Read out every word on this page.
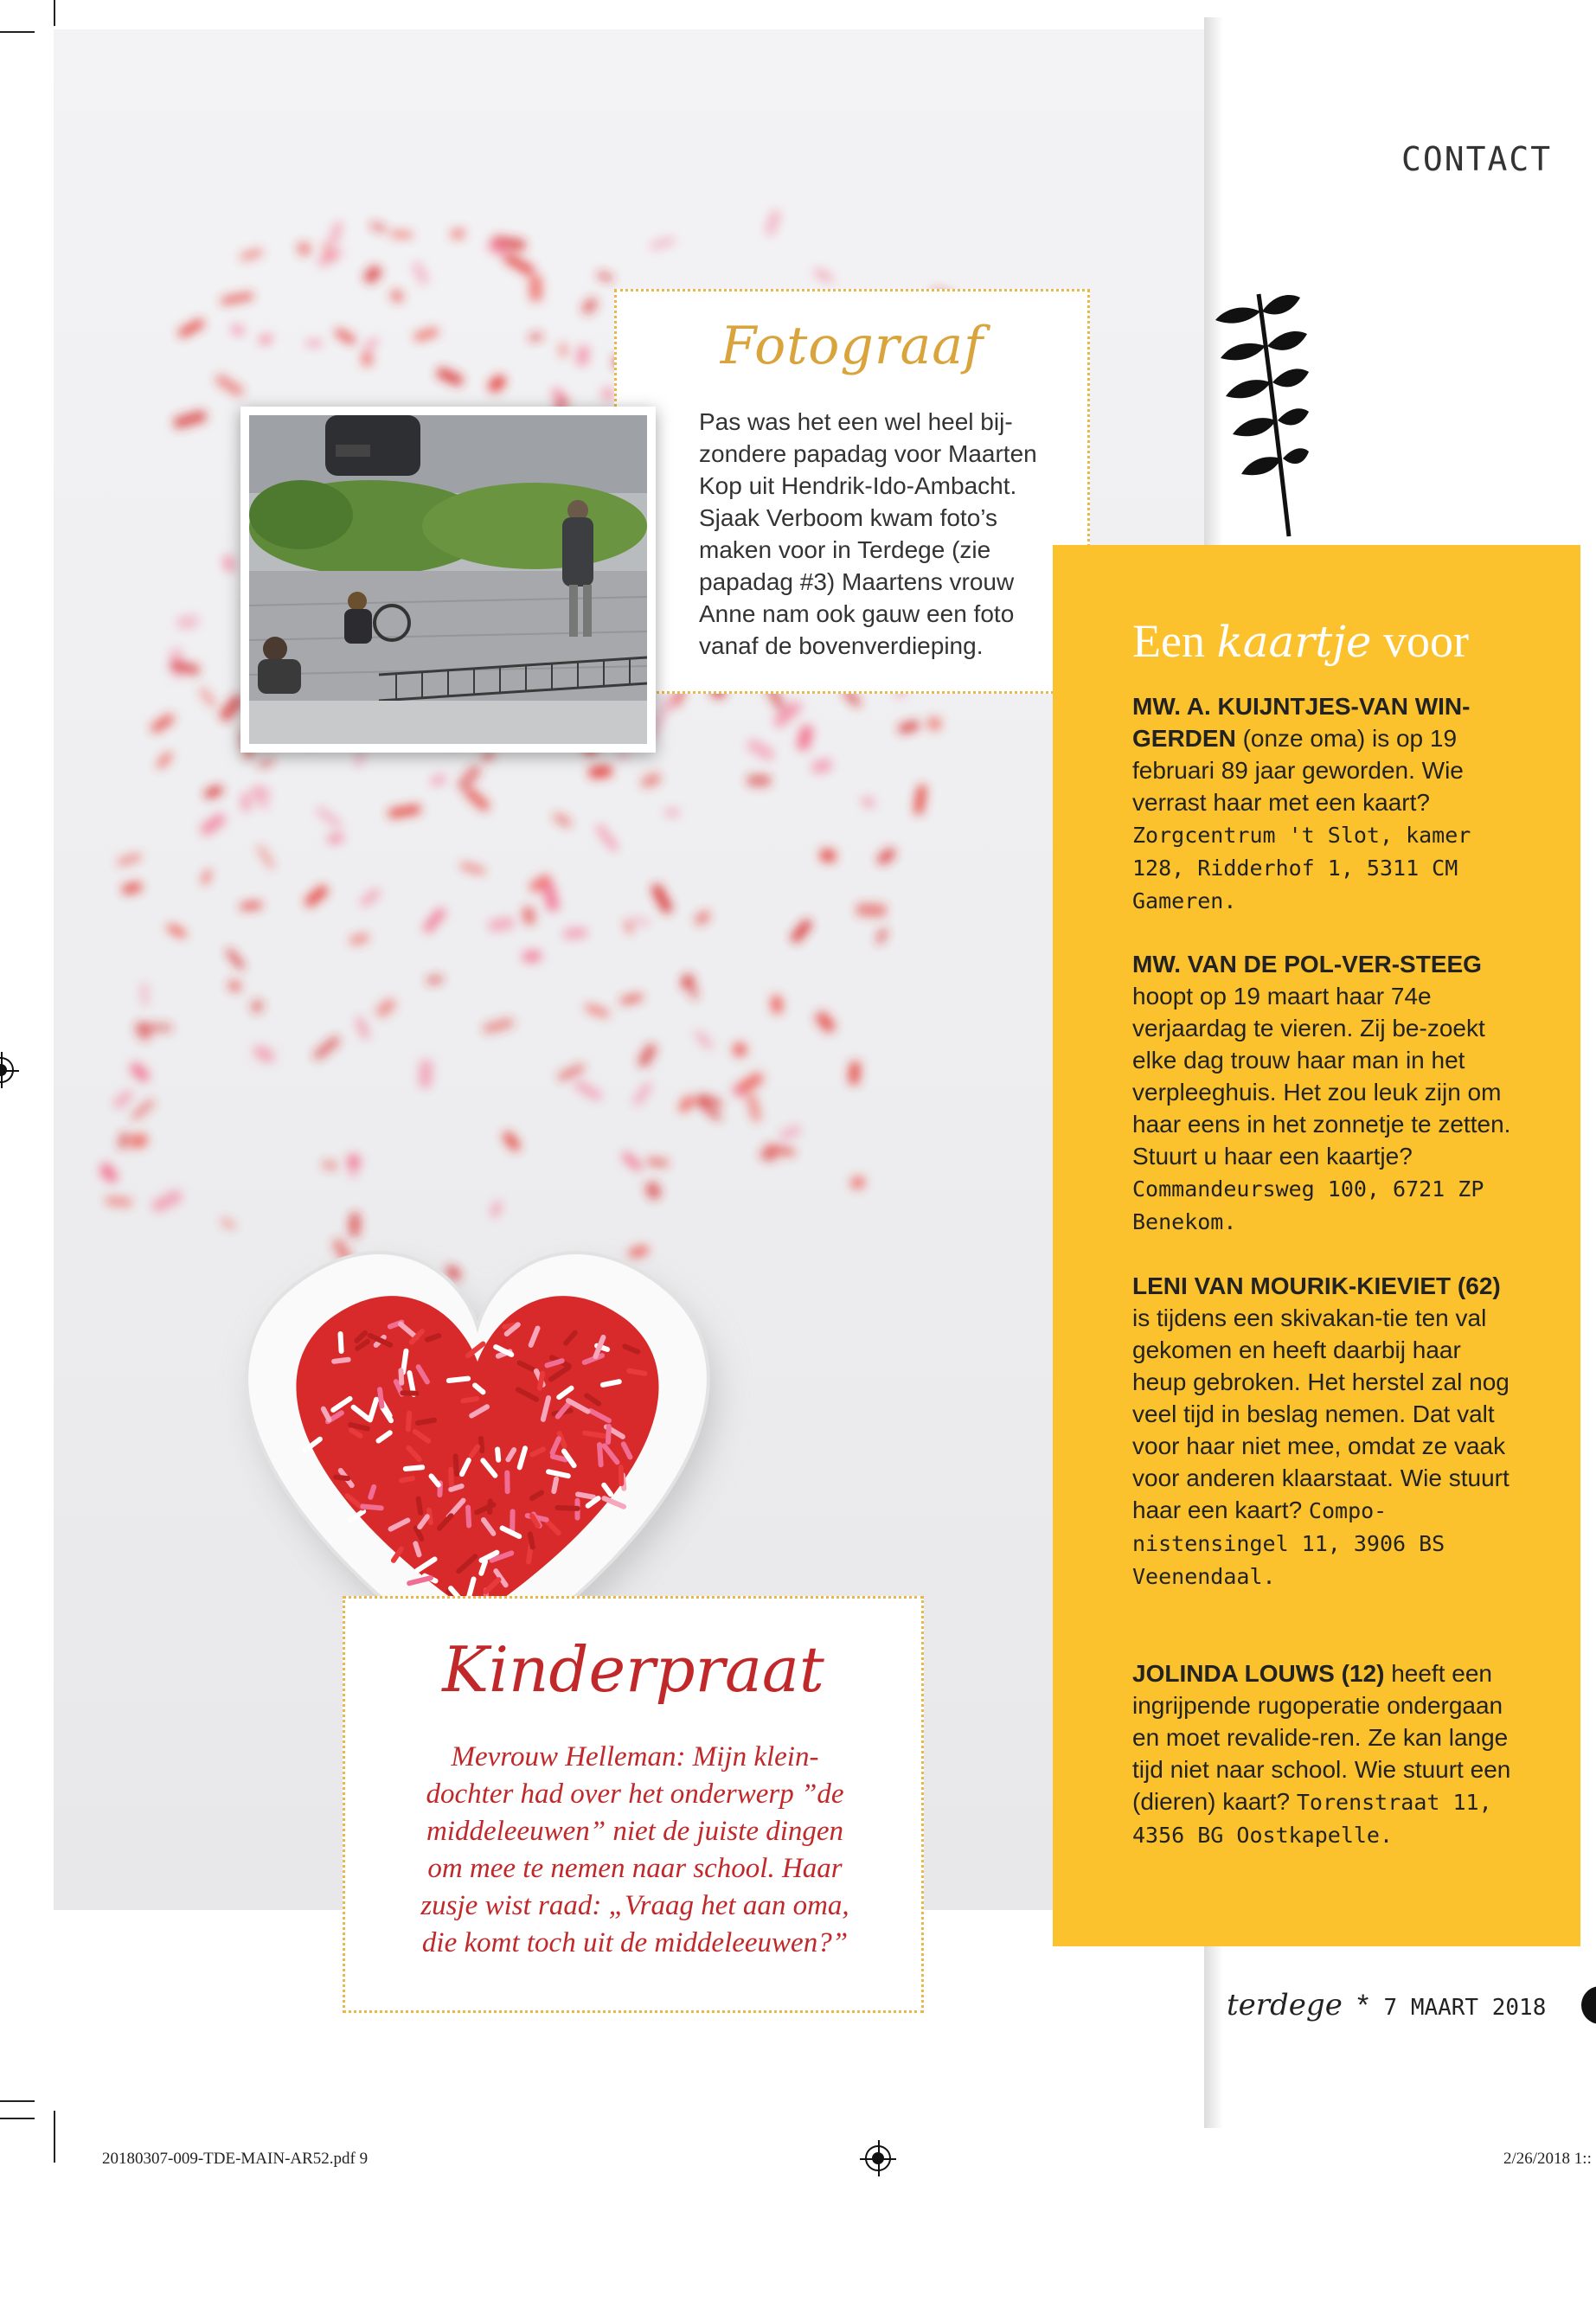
Fotograaf
Pas was het een wel heel bij-
zondere papadag voor Maarten
Kop uit Hendrik-Ido-Ambacht.
Sjaak Verboom kwam foto’s
maken voor in Terdege (zie
papadag #3) Maartens vrouw
Anne nam ook gauw een foto
vanaf de bovenverdieping.
Kinderpraat
Mevrouw Helleman: Mijn klein-
dochter had over het onderwerp ”de
middeleeuwen” niet de juiste dingen
om mee te nemen naar school. Haar
zusje wist raad: „Vraag het aan oma,
die komt toch uit de middeleeuwen?”
CONTACT
Een kaartje voor
MW. A. KUIJNTJES-VAN WIN-GERDEN (onze oma) is op 19 februari 89 jaar geworden. Wie verrast haar met een kaart? Zorgcentrum 't Slot, kamer 128, Ridderhof 1, 5311 CM Gameren.
MW. VAN DE POL-VER-STEEG hoopt op 19 maart haar 74e verjaardag te vieren. Zij be-zoekt elke dag trouw haar man in het verpleeghuis. Het zou leuk zijn om haar eens in het zonnetje te zetten. Stuurt u haar een kaartje? Commandeursweg 100, 6721 ZP Benekom.
LENI VAN MOURIK-KIEVIET (62) is tijdens een skivakan-tie ten val gekomen en heeft daarbij haar heup gebroken. Het herstel zal nog veel tijd in beslag nemen. Dat valt voor haar niet mee, omdat ze vaak voor anderen klaarstaat. Wie stuurt haar een kaart? Compo-nistensingel 11, 3906 BS Veenendaal.
JOLINDA LOUWS (12) heeft een ingrijpende rugoperatie ondergaan en moet revalide-ren. Ze kan lange tijd niet naar school. Wie stuurt een (dieren) kaart? Torenstraat 11, 4356 BG Oostkapelle.
terdege * 7 MAART 2018
20180307-009-TDE-MAIN-AR52.pdf 9	2/26/2018 1::
